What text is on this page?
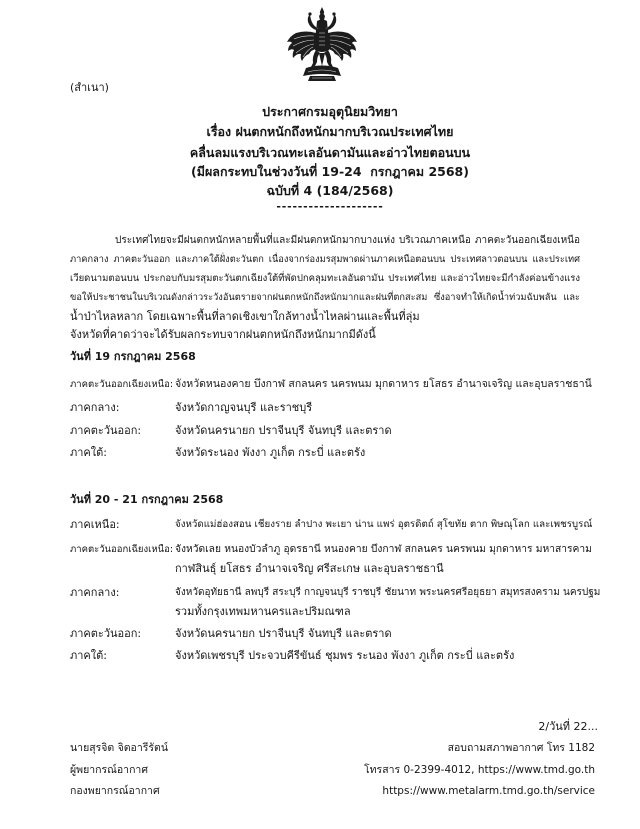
(สำเนา)
ประกาศกรมอุตุนิยมวิทยา
เรื่อง ฝนตกหนักถึงหนักมากบริเวณประเทศไทย
คลื่นลมแรงบริเวณทะเลอันดามันและอ่าวไทยตอนบน
(มีผลกระทบในช่วงวันที่ 19-24  กรกฎาคม 2568)
ฉบับที่ 4 (184/2568)
--------------------
ประเทศไทยจะมีฝนตกหนักหลายพื้นที่และมีฝนตกหนักมากบางแห่ง บริเวณภาคเหนือ ภาคตะวันออกเฉียงเหนือ
ภาคกลาง ภาคตะวันออก และภาคใต้ฝั่งตะวันตก เนื่องจากร่องมรสุมพาดผ่านภาคเหนือตอนบน ประเทศลาวตอนบน และประเทศ
เวียดนามตอนบน ประกอบกับมรสุมตะวันตกเฉียงใต้ที่พัดปกคลุมทะเลอันดามัน ประเทศไทย และอ่าวไทยจะมีกำลังค่อนข้างแรง
ขอให้ประชาชนในบริเวณดังกล่าวระวังอันตรายจากฝนตกหนักถึงหนักมากและฝนที่ตกสะสม ซึ่งอาจทำให้เกิดน้ำท่วมฉับพลัน และ
น้ำป่าไหลหลาก โดยเฉพาะพื้นที่ลาดเชิงเขาใกล้ทางน้ำไหลผ่านและพื้นที่ลุ่ม
จังหวัดที่คาดว่าจะได้รับผลกระทบจากฝนตกหนักถึงหนักมากมีดังนี้
วันที่ 19 กรกฎาคม 2568
ภาคตะวันออกเฉียงเหนือ: จังหวัดหนองคาย บึงกาฬ สกลนคร นครพนม มุกดาหาร ยโสธร อำนาจเจริญ และอุบลราชธานี
ภาคกลาง:	จังหวัดกาญจนบุรี และราชบุรี
ภาคตะวันออก:	จังหวัดนครนายก ปราจีนบุรี จันทบุรี และตราด
ภาคใต้:	จังหวัดระนอง พังงา ภูเก็ต กระบี่ และตรัง
วันที่ 20 - 21 กรกฎาคม 2568
ภาคเหนือ:	จังหวัดแม่ฮ่องสอน เชียงราย ลำปาง พะเยา น่าน แพร่ อุตรดิตถ์ สุโขทัย ตาก พิษณุโลก และเพชรบูรณ์
ภาคตะวันออกเฉียงเหนือ: จังหวัดเลย หนองบัวลำภู อุดรธานี หนองคาย บึงกาฬ สกลนคร นครพนม มุกดาหาร มหาสารคาม
กาฬสินธุ์ ยโสธร อำนาจเจริญ ศรีสะเกษ และอุบลราชธานี
ภาคกลาง:	จังหวัดอุทัยธานี ลพบุรี สระบุรี กาญจนบุรี ราชบุรี ชัยนาท พระนครศรีอยุธยา สมุทรสงคราม นครปฐม
รวมทั้งกรุงเทพมหานครและปริมณฑล
ภาคตะวันออก:	จังหวัดนครนายก ปราจีนบุรี จันทบุรี และตราด
ภาคใต้:	จังหวัดเพชรบุรี ประจวบคีรีขันธ์ ชุมพร ระนอง พังงา ภูเก็ต กระบี่ และตรัง
2/วันที่ 22...
นายสุรจิต จิตอารีรัตน์
ผู้พยากรณ์อากาศ
กองพยากรณ์อากาศ
สอบถามสภาพอากาศ โทร 1182
โทรสาร 0-2399-4012, https://www.tmd.go.th
https://www.metalarm.tmd.go.th/service
